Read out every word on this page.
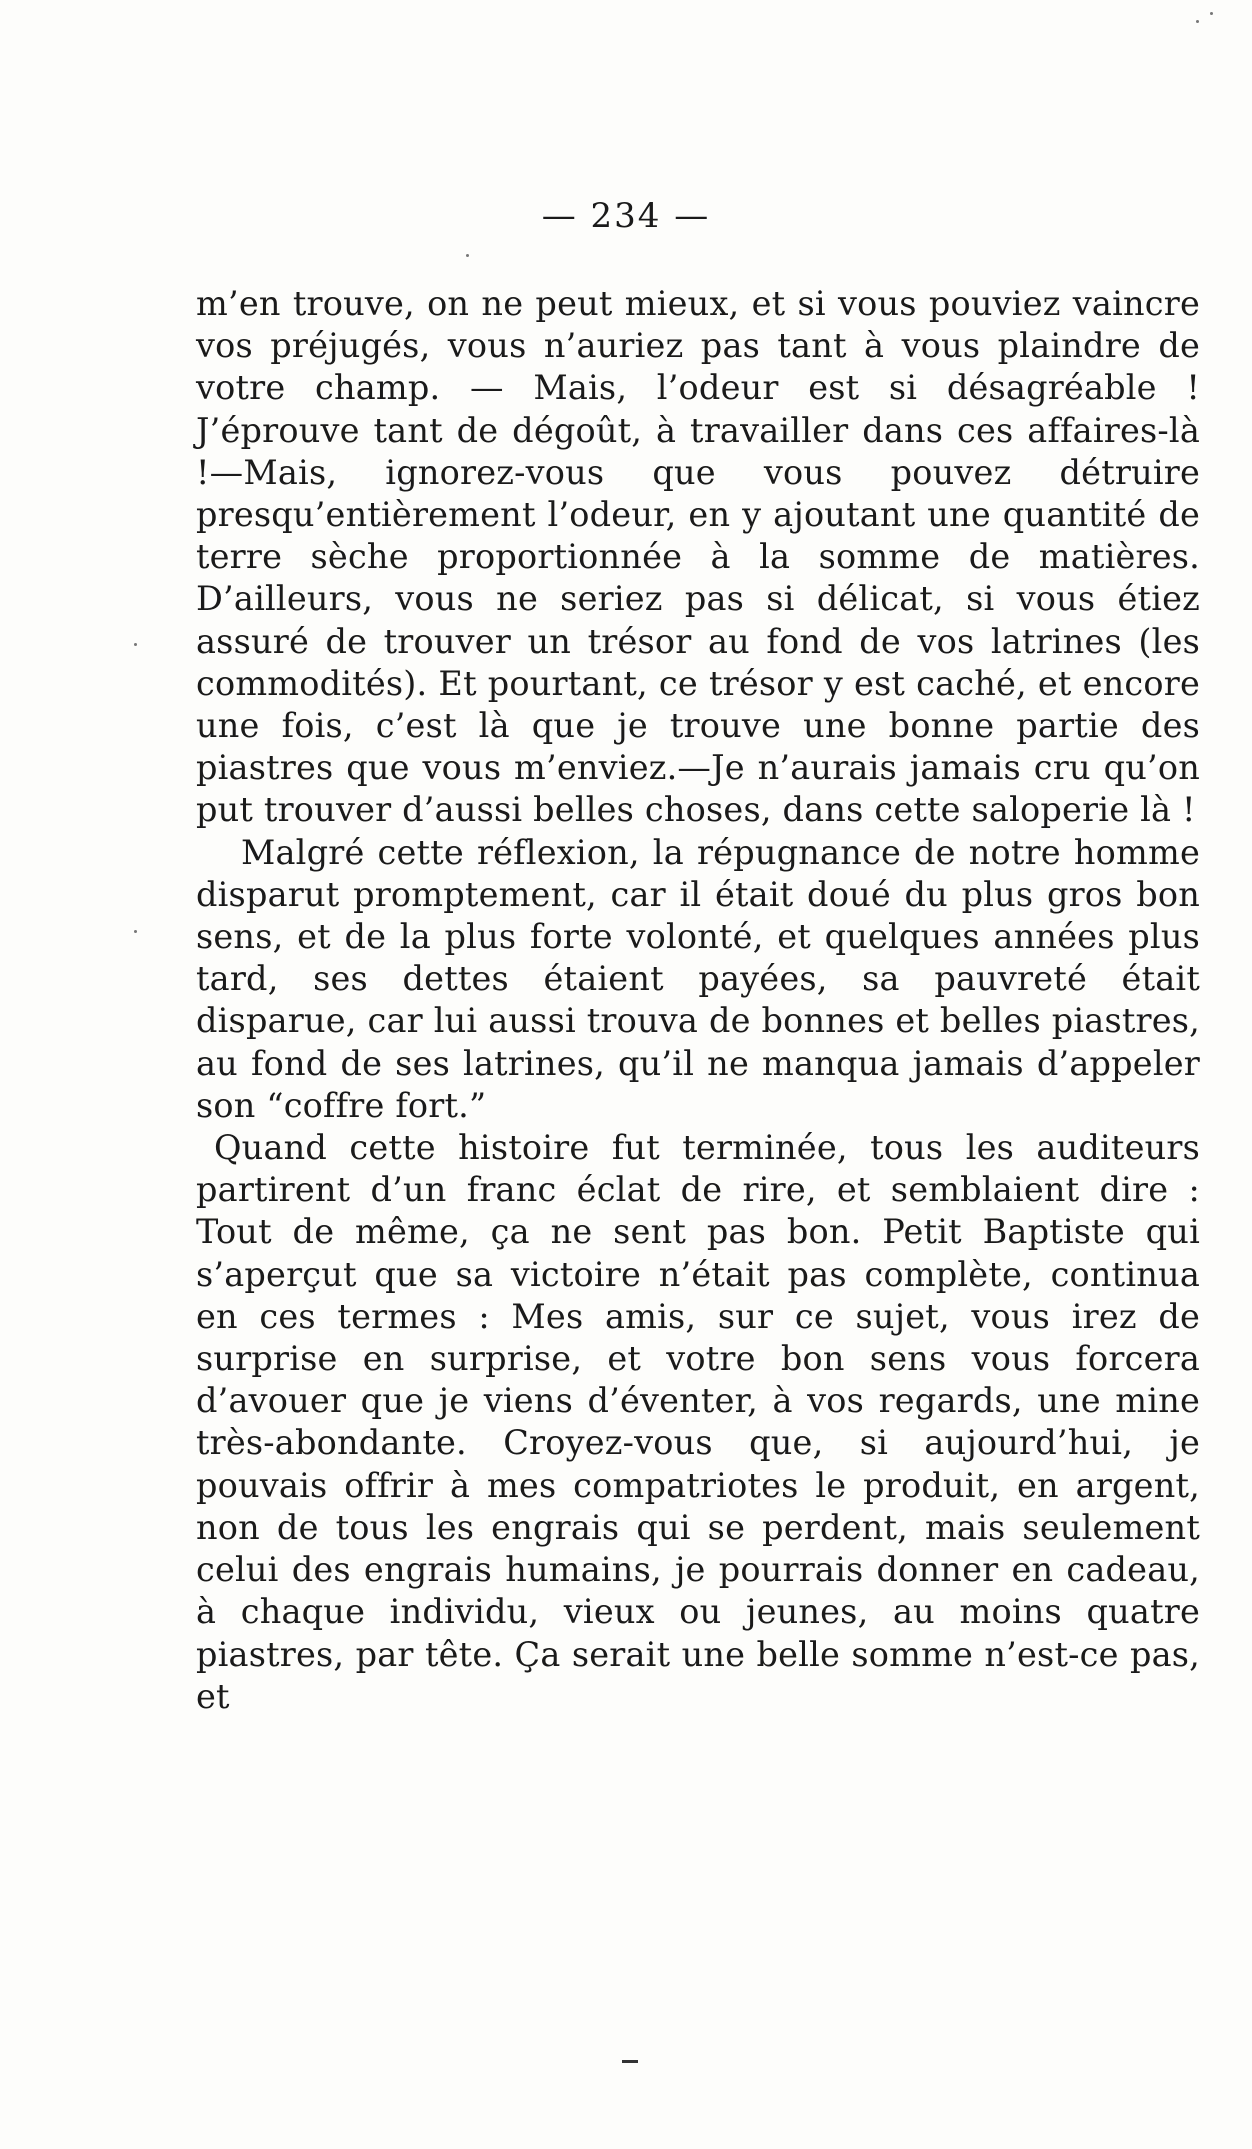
— 234 —

m’en trouve, on ne peut mieux, et si vous pouviez vaincre vos préjugés, vous n’auriez pas tant à vous plaindre de votre champ. — Mais, l’odeur est si désagréable ! J’éprouve tant de dégoût, à travailler dans ces affaires-là !—Mais, ignorez-vous que vous pouvez détruire presqu’entièrement l’odeur, en y ajoutant une quantité de terre sèche proportionnée à la somme de matières. D’ailleurs, vous ne seriez pas si délicat, si vous étiez assuré de trouver un trésor au fond de vos latrines (les commodités). Et pourtant, ce trésor y est caché, et encore une fois, c’est là que je trouve une bonne partie des piastres que vous m’enviez.—Je n’aurais jamais cru qu’on put trouver d’aussi belles choses, dans cette saloperie là !

Malgré cette réflexion, la répugnance de notre homme disparut promptement, car il était doué du plus gros bon sens, et de la plus forte volonté, et quelques années plus tard, ses dettes étaient payées, sa pauvreté était disparue, car lui aussi trouva de bonnes et belles piastres, au fond de ses latrines, qu’il ne manqua jamais d’appeler son “coffre fort.”

Quand cette histoire fut terminée, tous les auditeurs partirent d’un franc éclat de rire, et semblaient dire : Tout de même, ça ne sent pas bon. Petit Baptiste qui s’aperçut que sa victoire n’était pas complète, continua en ces termes : Mes amis, sur ce sujet, vous irez de surprise en surprise, et votre bon sens vous forcera d’avouer que je viens d’éventer, à vos regards, une mine très-abondante. Croyez-vous que, si aujourd’hui, je pouvais offrir à mes compatriotes le produit, en argent, non de tous les engrais qui se perdent, mais seulement celui des engrais humains, je pourrais donner en cadeau, à chaque individu, vieux ou jeunes, au moins quatre piastres, par tête. Ça serait une belle somme n’est-ce pas, et
